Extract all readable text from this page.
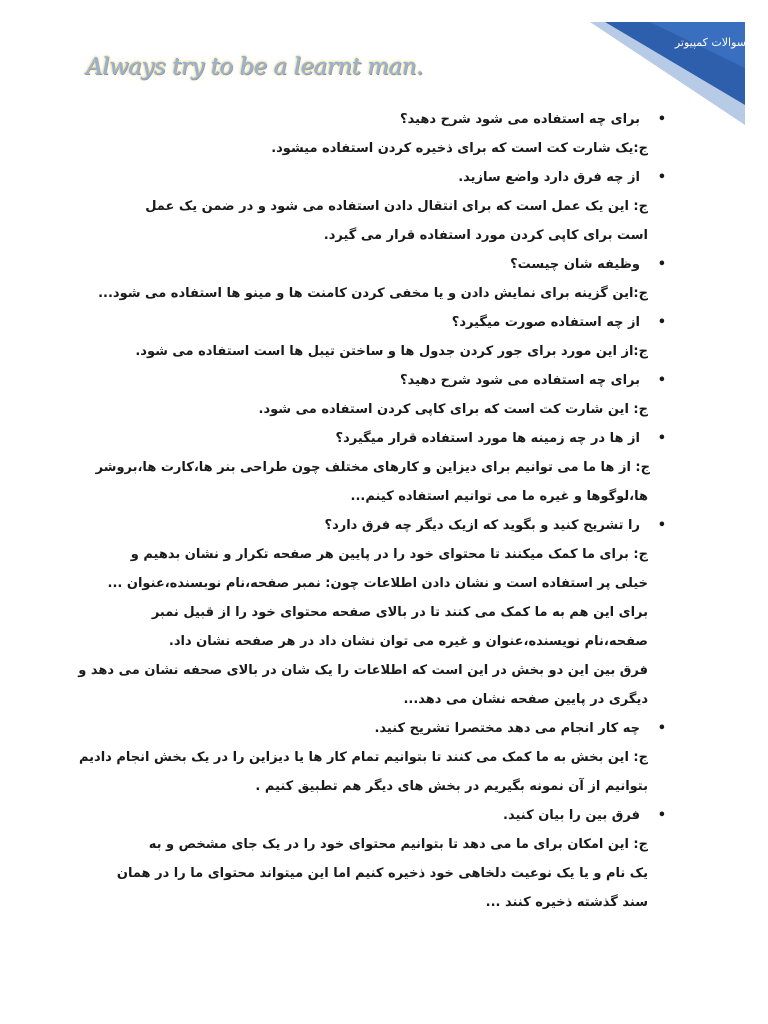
سوالات کمپیوتر
Always try to be a learnt man.
• برای چه استفاده می شود شرح دهید؟
ج:یک شارت کت است که برای ذخیره کردن استفاده میشود.
• از چه فرق دارد واضع سازید.
ج: این یک عمل است که برای انتقال دادن استفاده می شود و در ضمن یک عمل
است برای کاپی کردن مورد استفاده قرار می گیرد.
• وظیفه شان چیست؟
ج:این گزینه برای نمایش دادن و یا مخفی کردن کامنت ها و مینو ها استفاده می شود...
• از چه استفاده صورت میگیرد؟
ج:از این مورد برای جور کردن جدول ها و ساختن تیبل ها است استفاده می شود.
• برای چه استفاده می شود شرح دهید؟
ج: این شارت کت است که برای کاپی کردن استفاده می شود.
• از ها در چه زمینه ها مورد استفاده قرار میگیرد؟
ج: از ها ما می توانیم برای دیزاین و کارهای مختلف چون طراحی بنر ها،کارت ها،بروشر
ها،لوگوها و غیره ما می توانیم استفاده کینم...
• را تشریح کنید و بگوید که ازیک دیگر چه فرق دارد؟
ج: برای ما کمک میکنند تا محتوای خود را در پایین هر صفحه تکرار و نشان بدهیم و
خیلی پر استفاده است و نشان دادن اطلاعات چون: نمبر صفحه،نام نوبسنده،عنوان ...
برای این هم به ما کمک می کنند تا در بالای صفحه محتوای خود را از قبیل نمبر
صفحه،نام نویسنده،عنوان و غیره می توان نشان داد در هر صفحه نشان داد.
فرق بین این دو بخش در این است که اطلاعات را یک شان در بالای صحفه نشان می دهد و
دیگری در پایین صفحه نشان می دهد...
• چه کار انجام می دهد مختصرا تشریح کنید.
ج: این بخش به ما کمک می کنند تا بتوانیم تمام کار ها یا دیزاین را در یک بخش انجام دادیم
بتوانیم از آن نمونه بگیریم در بخش های دیگر هم تطبیق کنیم .
• فرق بین را بیان کنید.
ج: این امکان برای ما می دهد تا بتوانیم محتوای خود را در یک جای مشخص و به
یک نام و یا یک نوعیت دلخاهی خود ذخیره کنیم اما این میتواند محتوای ما را در همان
سند گذشته ذخیره کنند ...
